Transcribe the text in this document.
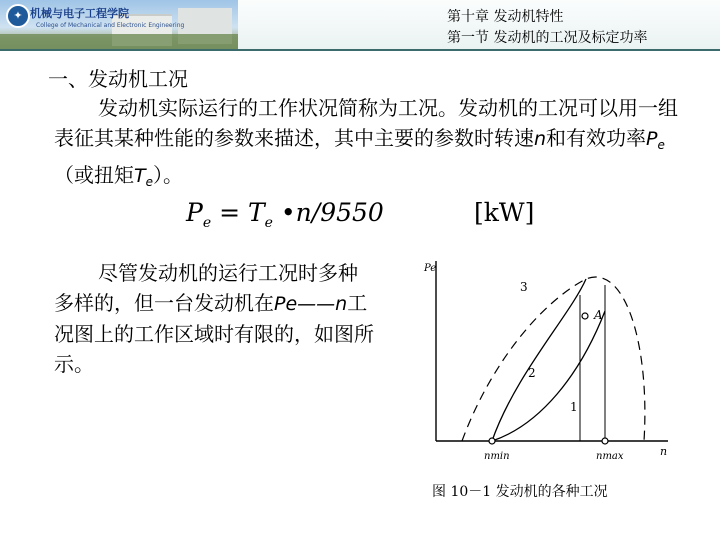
✦ 机械与电子工程学院
College of Mechanical and Electronic Engineering
第十章 发动机特性
第一节 发动机的工况及标定功率
一、发动机工况
发动机实际运行的工作状况简称为工况。发动机的工况可以用一组表征其某种性能的参数来描述，其中主要的参数时转速n和有效功率$P_e$ （或扭矩$T_e$）。
$P_e = T_e$ •n/9550	[kW]
尽管发动机的运行工况时多种多样的，但一台发动机在Pe——n工况图上的工作区域时有限的，如图所示。
Pe
n
A
1
2
3
nmin	nmax
图 10－1 发动机的各种工况
